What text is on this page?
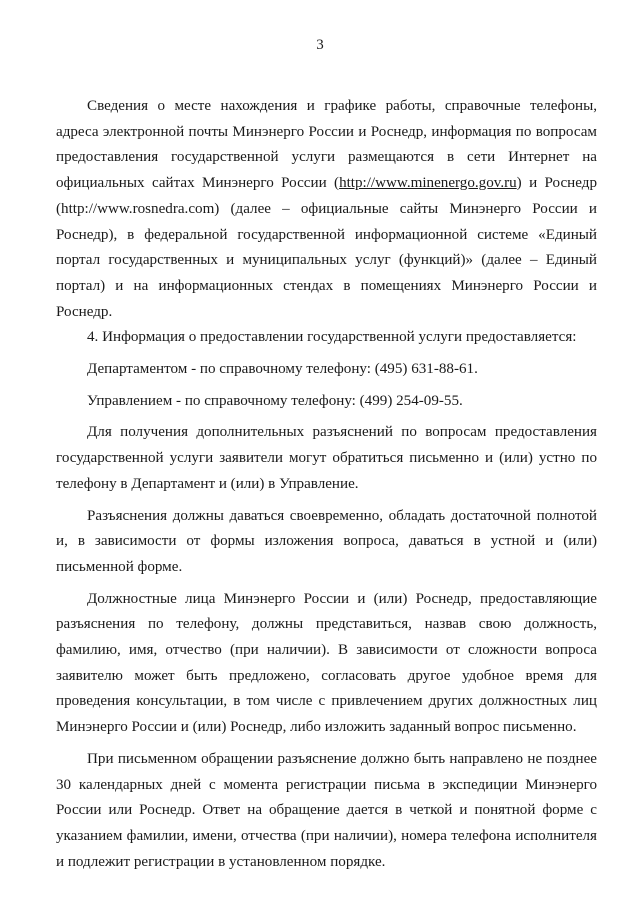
3

Сведения о месте нахождения и графике работы, справочные телефоны, адреса электронной почты Минэнерго России и Роснедр, информация по вопросам предоставления государственной услуги размещаются в сети Интернет на официальных сайтах Минэнерго России (http://www.minenergo.gov.ru) и Роснедр (http://www.rosnedra.com) (далее – официальные сайты Минэнерго России и Роснедр), в федеральной государственной информационной системе «Единый портал государственных и муниципальных услуг (функций)» (далее – Единый портал) и на информационных стендах в помещениях Минэнерго России и Роснедр.

4. Информация о предоставлении государственной услуги предоставляется:

Департаментом - по справочному телефону: (495) 631-88-61.

Управлением - по справочному телефону: (499) 254-09-55.

Для получения дополнительных разъяснений по вопросам предоставления государственной услуги заявители могут обратиться письменно и (или) устно по телефону в Департамент и (или) в Управление.

Разъяснения должны даваться своевременно, обладать достаточной полнотой и, в зависимости от формы изложения вопроса, даваться в устной и (или) письменной форме.

Должностные лица Минэнерго России и (или) Роснедр, предоставляющие разъяснения по телефону, должны представиться, назвав свою должность, фамилию, имя, отчество (при наличии). В зависимости от сложности вопроса заявителю может быть предложено, согласовать другое удобное время для проведения консультации, в том числе с привлечением других должностных лиц Минэнерго России и (или) Роснедр, либо изложить заданный вопрос письменно.

При письменном обращении разъяснение должно быть направлено не позднее 30 календарных дней с момента регистрации письма в экспедиции Минэнерго России или Роснедр. Ответ на обращение дается в четкой и понятной форме с указанием фамилии, имени, отчества (при наличии), номера телефона исполнителя и подлежит регистрации в установленном порядке.
